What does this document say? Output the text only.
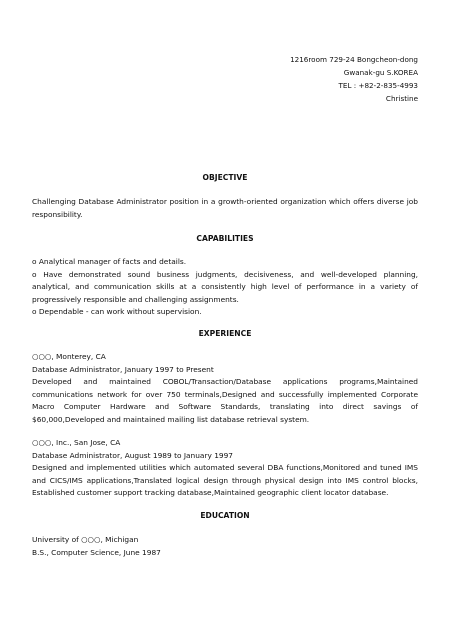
1216room 729-24 Bongcheon-dong
Gwanak-gu S.KOREA
TEL : +82-2-835-4993
Christine
OBJECTIVE
Challenging Database Administrator position in a growth-oriented organization which offers diverse job responsibility.
CAPABILITIES
o Analytical manager of facts and details.
o Have demonstrated sound business judgments, decisiveness, and well-developed planning, analytical, and communication skills at a consistently high level of performance in a variety of progressively responsible and challenging assignments.
o Dependable - can work without supervision.
EXPERIENCE
○○○, Monterey, CA
Database Administrator, January 1997 to Present
Developed and maintained COBOL/Transaction/Database applications programs,Maintained communications network for over 750 terminals,Designed and successfully implemented Corporate Macro Computer Hardware and Software Standards, translating into direct savings of $60,000,Developed and maintained mailing list database retrieval system.
○○○, Inc., San Jose, CA
Database Administrator, August 1989 to January 1997
Designed and implemented utilities which automated several DBA functions,Monitored and tuned IMS and CICS/IMS applications,Translated logical design through physical design into IMS control blocks, Established customer support tracking database,Maintained geographic client locator database.
EDUCATION
University of ○○○, Michigan
B.S., Computer Science, June 1987
